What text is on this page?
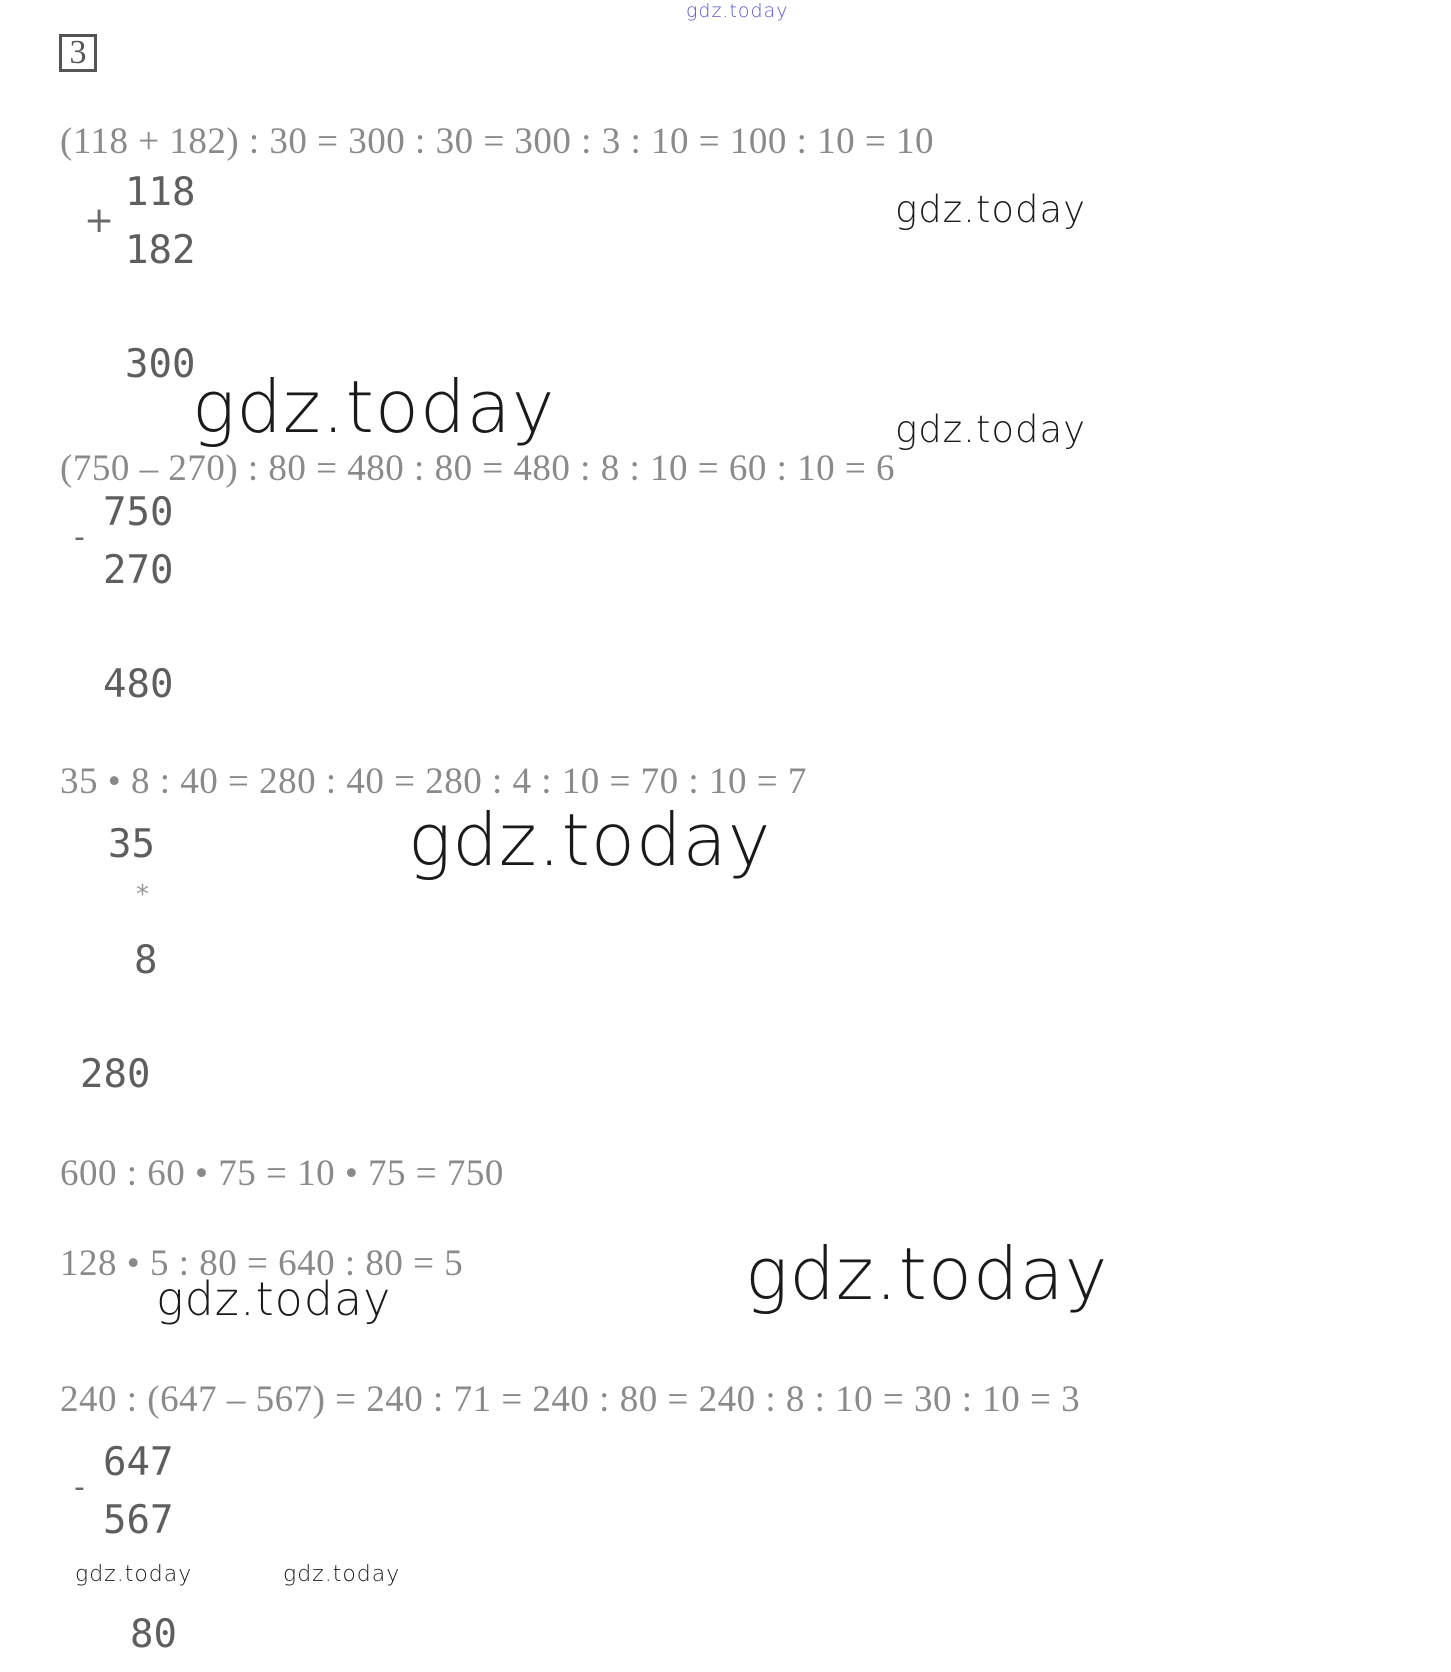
gdz.today
3
(118 + 182) : 30 = 300 : 30 = 300 : 3 : 10 = 100 : 10 = 10
+
118
182
300
(750 – 270) : 80 = 480 : 80 = 480 : 8 : 10 = 60 : 10 = 6
-
750
270
480
35 • 8 : 40 = 280 : 40 = 280 : 4 : 10 = 70 : 10 = 7
35
*
8
280
600 : 60 • 75 = 10 • 75 = 750
128 • 5 : 80 = 640 : 80 = 5
240 : (647 – 567) = 240 : 71 = 240 : 80 = 240 : 8 : 10 = 30 : 10 = 3
-
647
567
80
gdz.today
gdz.today	gdz.today
gdz.today
gdz.today
gdz.today
gdz.today	gdz.today
